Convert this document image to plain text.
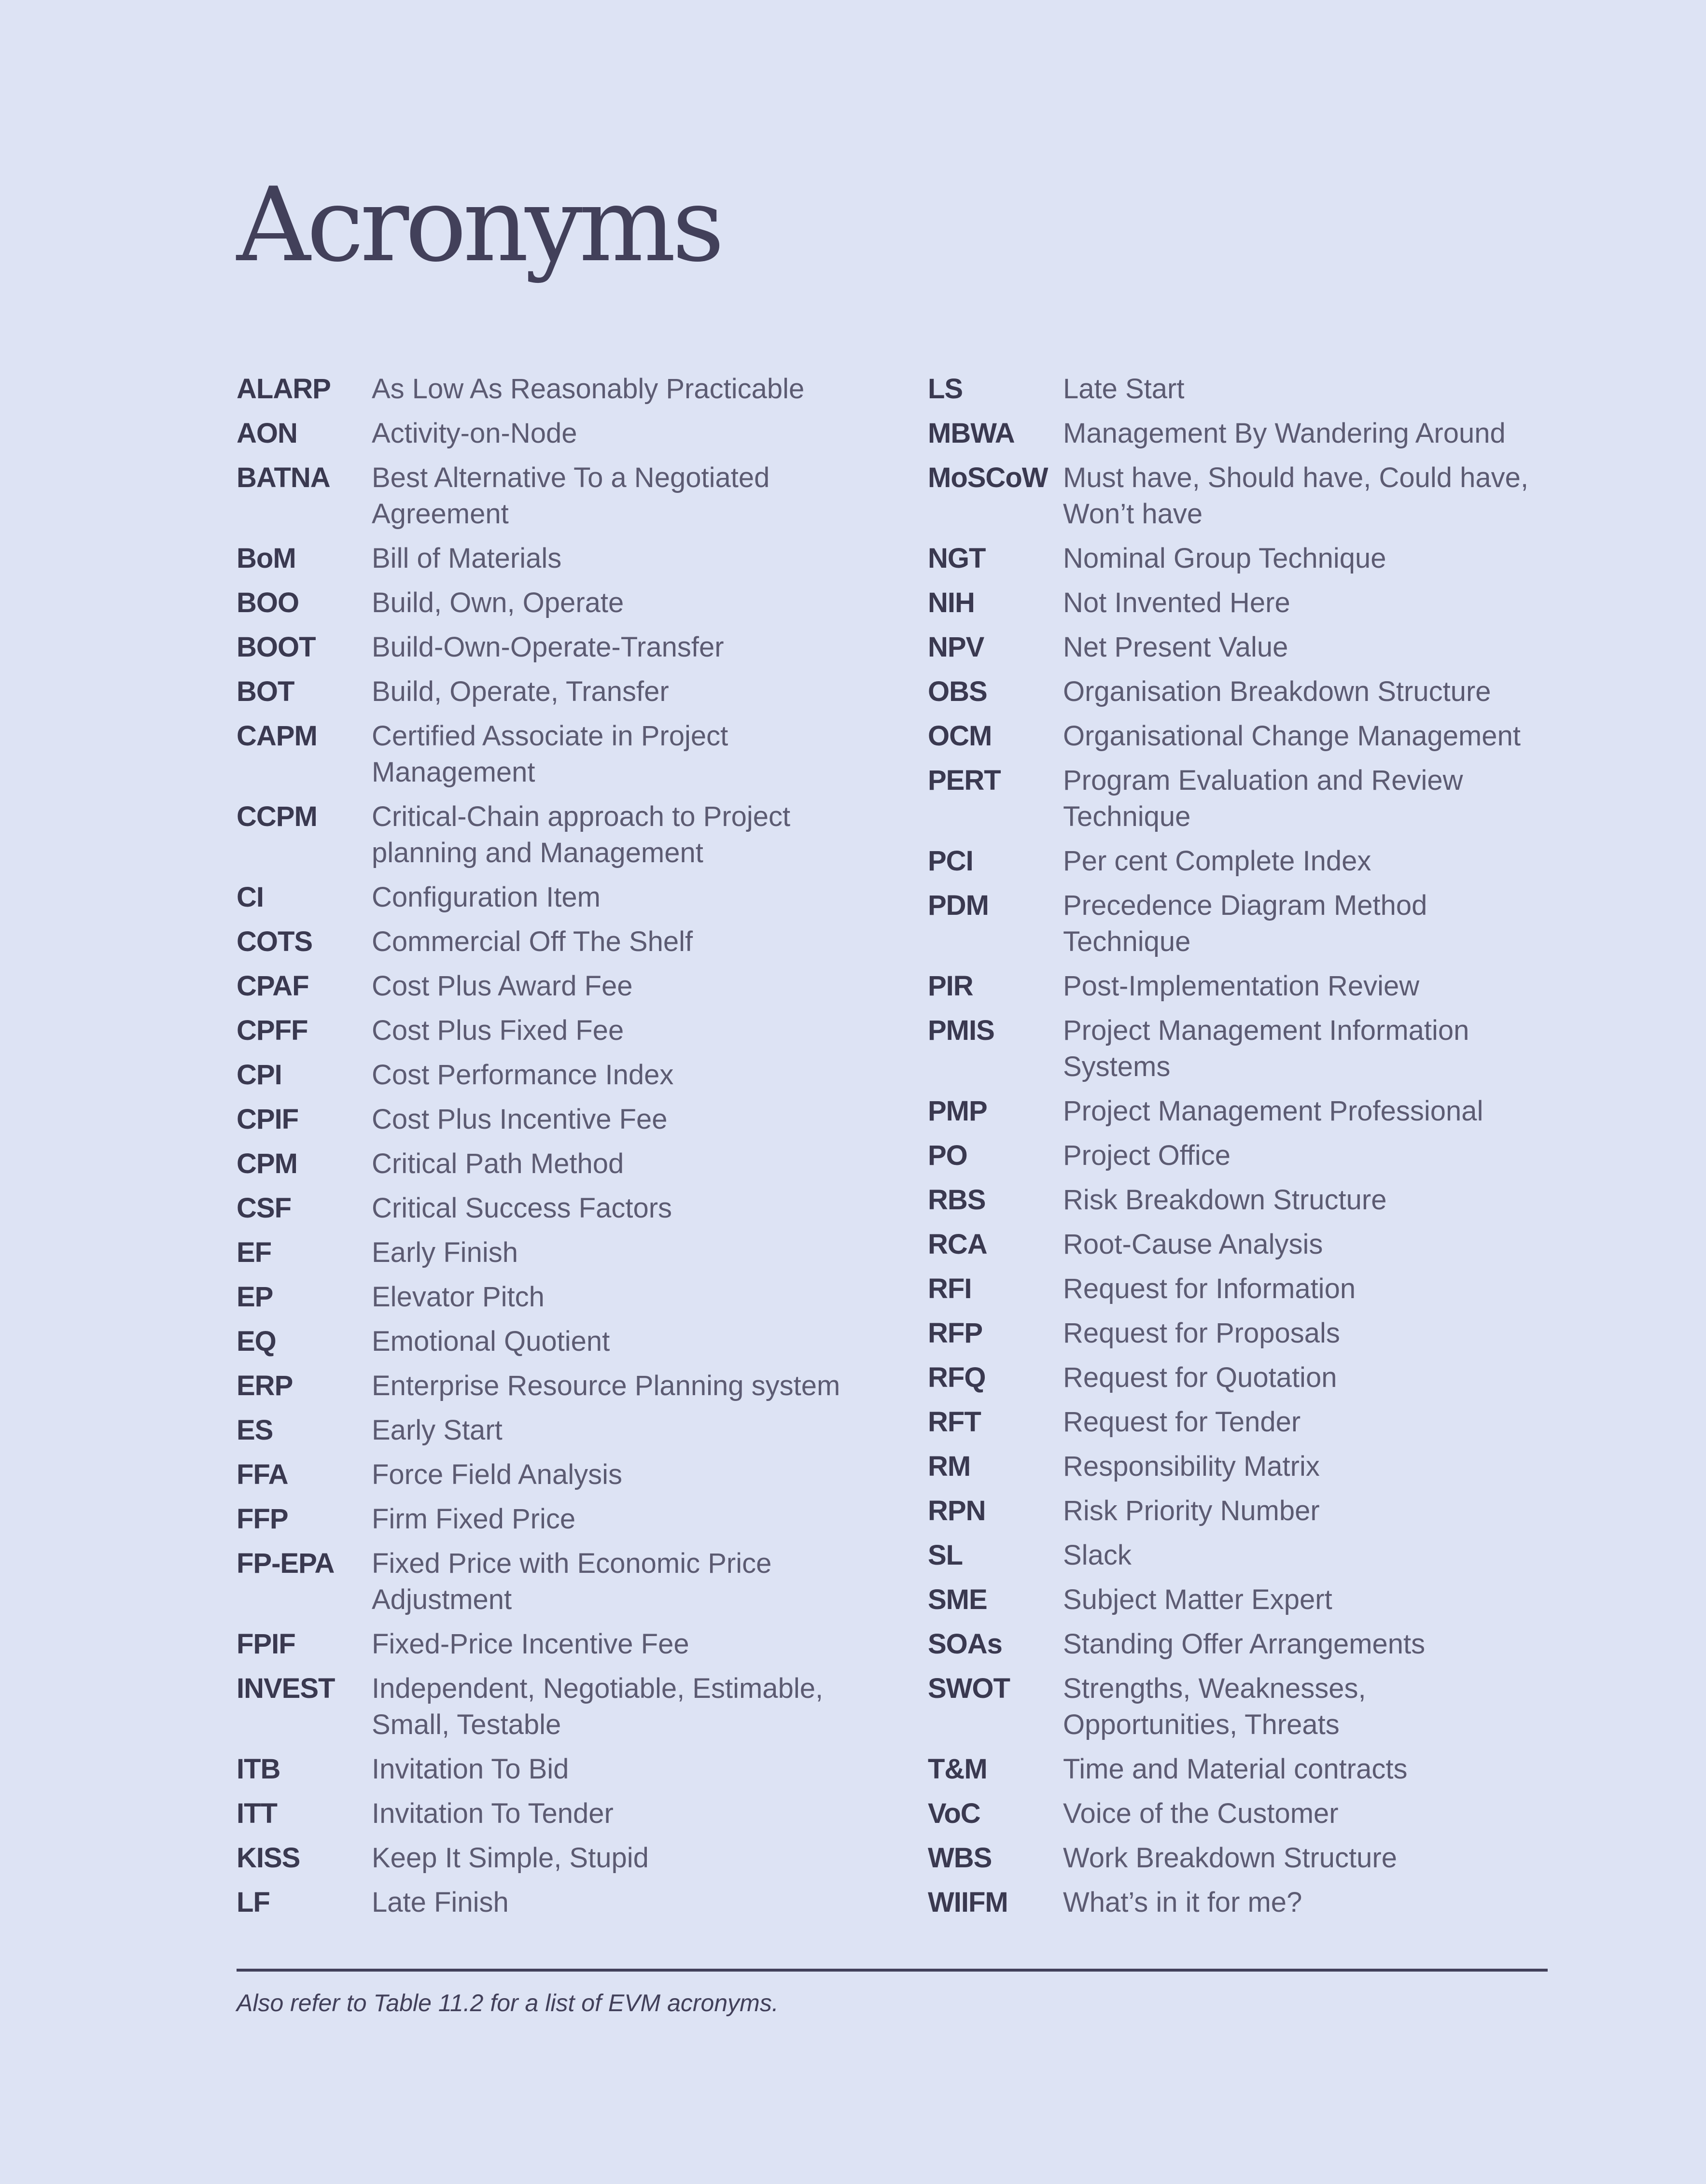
Acronyms
ALARP As Low As Reasonably Practicable
AON	Activity-on-Node
BATNA Best Alternative To a Negotiated Agreement
BoM	Bill of Materials
BOO	Build, Own, Operate
BOOT Build-Own-Operate-Transfer
BOT	Build, Operate, Transfer
CAPM Certified Associate in Project Management
CCPM Critical-Chain approach to Project planning and Management
CI	Configuration Item
COTS Commercial Off The Shelf
CPAF Cost Plus Award Fee
CPFF Cost Plus Fixed Fee
CPI	Cost Performance Index
CPIF	Cost Plus Incentive Fee
CPM	Critical Path Method
CSF	Critical Success Factors
EF	Early Finish
EP	Elevator Pitch
EQ	Emotional Quotient
ERP	Enterprise Resource Planning system
ES	Early Start
FFA	Force Field Analysis
FFP	Firm Fixed Price
FP-EPA Fixed Price with Economic Price Adjustment
FPIF	Fixed-Price Incentive Fee
INVEST Independent, Negotiable, Estimable, Small, Testable
ITB	Invitation To Bid
ITT	Invitation To Tender
KISS	Keep It Simple, Stupid
LF	Late Finish
LS	Late Start
MBWA Management By Wandering Around
MoSCoW Must have, Should have, Could have, Won’t have
NGT	Nominal Group Technique
NIH	Not Invented Here
NPV	Net Present Value
OBS	Organisation Breakdown Structure
OCM	Organisational Change Management
PERT Program Evaluation and Review Technique
PCI	Per cent Complete Index
PDM	Precedence Diagram Method Technique
PIR	Post-Implementation Review
PMIS Project Management Information Systems
PMP	Project Management Professional
PO	Project Office
RBS	Risk Breakdown Structure
RCA	Root-Cause Analysis
RFI	Request for Information
RFP	Request for Proposals
RFQ	Request for Quotation
RFT	Request for Tender
RM	Responsibility Matrix
RPN	Risk Priority Number
SL	Slack
SME	Subject Matter Expert
SOAs Standing Offer Arrangements
SWOT Strengths, Weaknesses, Opportunities, Threats
T&M	Time and Material contracts
VoC	Voice of the Customer
WBS	Work Breakdown Structure
WIIFM What’s in it for me?
Also refer to Table 11.2 for a list of EVM acronyms.
